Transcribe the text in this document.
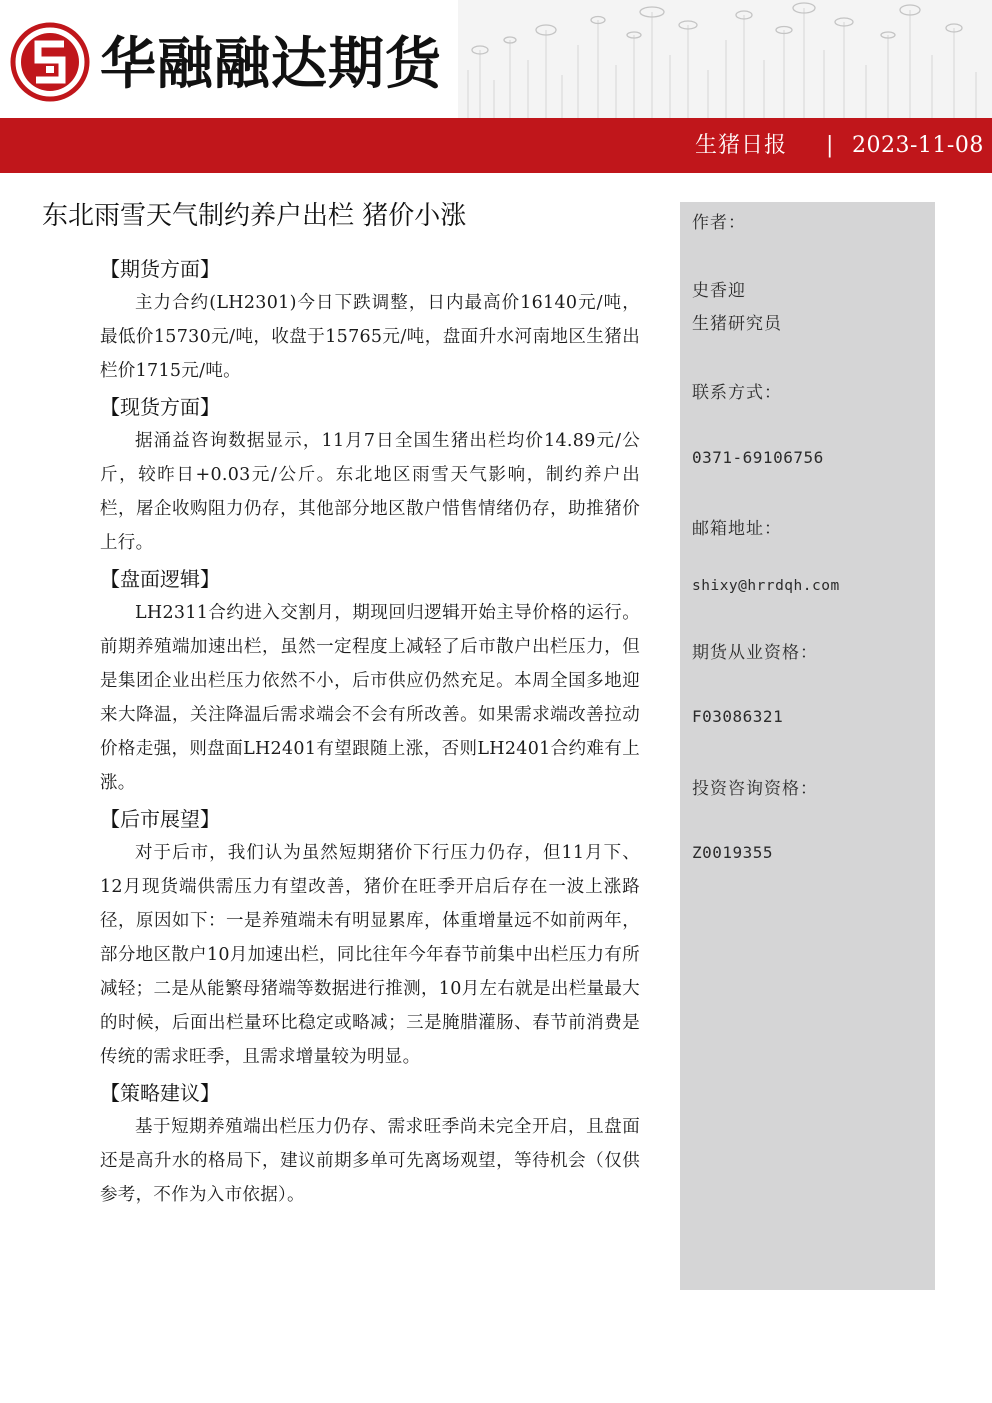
华融融达期货
生猪日报 | 2023-11-08
东北雨雪天气制约养户出栏 猪价小涨
【期货方面】

主力合约(LH2301)今日下跌调整，日内最高价16140元/吨，最低价15730元/吨，收盘于15765元/吨，盘面升水河南地区生猪出栏价1715元/吨。

【现货方面】

据涌益咨询数据显示，11月7日全国生猪出栏均价14.89元/公斤，较昨日+0.03元/公斤。东北地区雨雪天气影响，制约养户出栏，屠企收购阻力仍存，其他部分地区散户惜售情绪仍存，助推猪价上行。

【盘面逻辑】

LH2311合约进入交割月，期现回归逻辑开始主导价格的运行。前期养殖端加速出栏，虽然一定程度上减轻了后市散户出栏压力，但是集团企业出栏压力依然不小，后市供应仍然充足。本周全国多地迎来大降温，关注降温后需求端会不会有所改善。如果需求端改善拉动价格走强，则盘面LH2401有望跟随上涨，否则LH2401合约难有上涨。

【后市展望】

对于后市，我们认为虽然短期猪价下行压力仍存，但11月下、12月现货端供需压力有望改善，猪价在旺季开启后存在一波上涨路径，原因如下：一是养殖端未有明显累库，体重增量远不如前两年，部分地区散户10月加速出栏，同比往年今年春节前集中出栏压力有所减轻；二是从能繁母猪端等数据进行推测，10月左右就是出栏量最大的时候，后面出栏量环比稳定或略减；三是腌腊灌肠、春节前消费是传统的需求旺季，且需求增量较为明显。

【策略建议】

基于短期养殖端出栏压力仍存、需求旺季尚未完全开启，且盘面还是高升水的格局下，建议前期多单可先离场观望，等待机会（仅供参考，不作为入市依据）。

作者：
史香迎
生猪研究员
联系方式：
0371-69106756
邮箱地址：
shixy@hrrdqh.com
期货从业资格：
F03086321
投资咨询资格：
Z0019355
